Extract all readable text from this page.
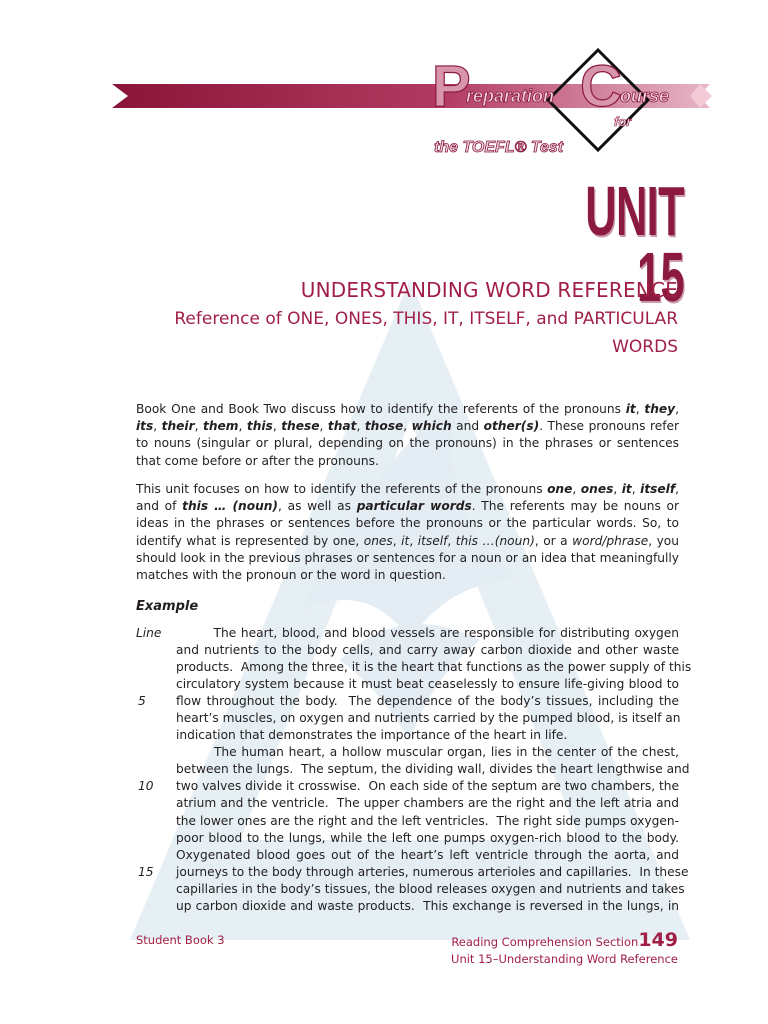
P
reparation C
ourse
for
the TOEFL® Test
UNIT 15
UNDERSTANDING WORD REFERENCE
Reference of ONE, ONES, THIS, IT, ITSELF, and PARTICULAR
WORDS
Book One and Book Two discuss how to identify the referents of the pronouns it, they, its, their, them, this, these, that, those, which and other(s). These pronouns refer to nouns (singular or plural, depending on the pronouns) in the phrases or sentences that come before or after the pronouns.
This unit focuses on how to identify the referents of the pronouns one, ones, it, itself, and of this … (noun), as well as particular words. The referents may be nouns or ideas in the phrases or sentences before the pronouns or the particular words. So, to identify what is represented by one, ones, it, itself, this …(noun), or a word/phrase, you should look in the previous phrases or sentences for a noun or an idea that meaningfully matches with the pronoun or the word in question.
Example
Line	The heart, blood, and blood vessels are responsible for distributing oxygen
and nutrients to the body cells, and carry away carbon dioxide and other waste
products.  Among the three, it is the heart that functions as the power supply of this
circulatory system because it must beat ceaselessly to ensure life-giving blood to
5	flow throughout the body.  The dependence of the body’s tissues, including the
heart’s muscles, on oxygen and nutrients carried by the pumped blood, is itself an
indication that demonstrates the importance of the heart in life.
The human heart, a hollow muscular organ, lies in the center of the chest,
between the lungs.  The septum, the dividing wall, divides the heart lengthwise and
10	two valves divide it crosswise.  On each side of the septum are two chambers, the
atrium and the ventricle.  The upper chambers are the right and the left atria and
the lower ones are the right and the left ventricles.  The right side pumps oxygen-
poor blood to the lungs, while the left one pumps oxygen-rich blood to the body.
Oxygenated blood goes out of the heart’s left ventricle through the aorta, and
15	journeys to the body through arteries, numerous arterioles and capillaries.  In these
capillaries in the body’s tissues, the blood releases oxygen and nutrients and takes
up carbon dioxide and waste products.  This exchange is reversed in the lungs, in
Student Book 3	Reading Comprehension Section149
Unit 15–Understanding Word Reference
